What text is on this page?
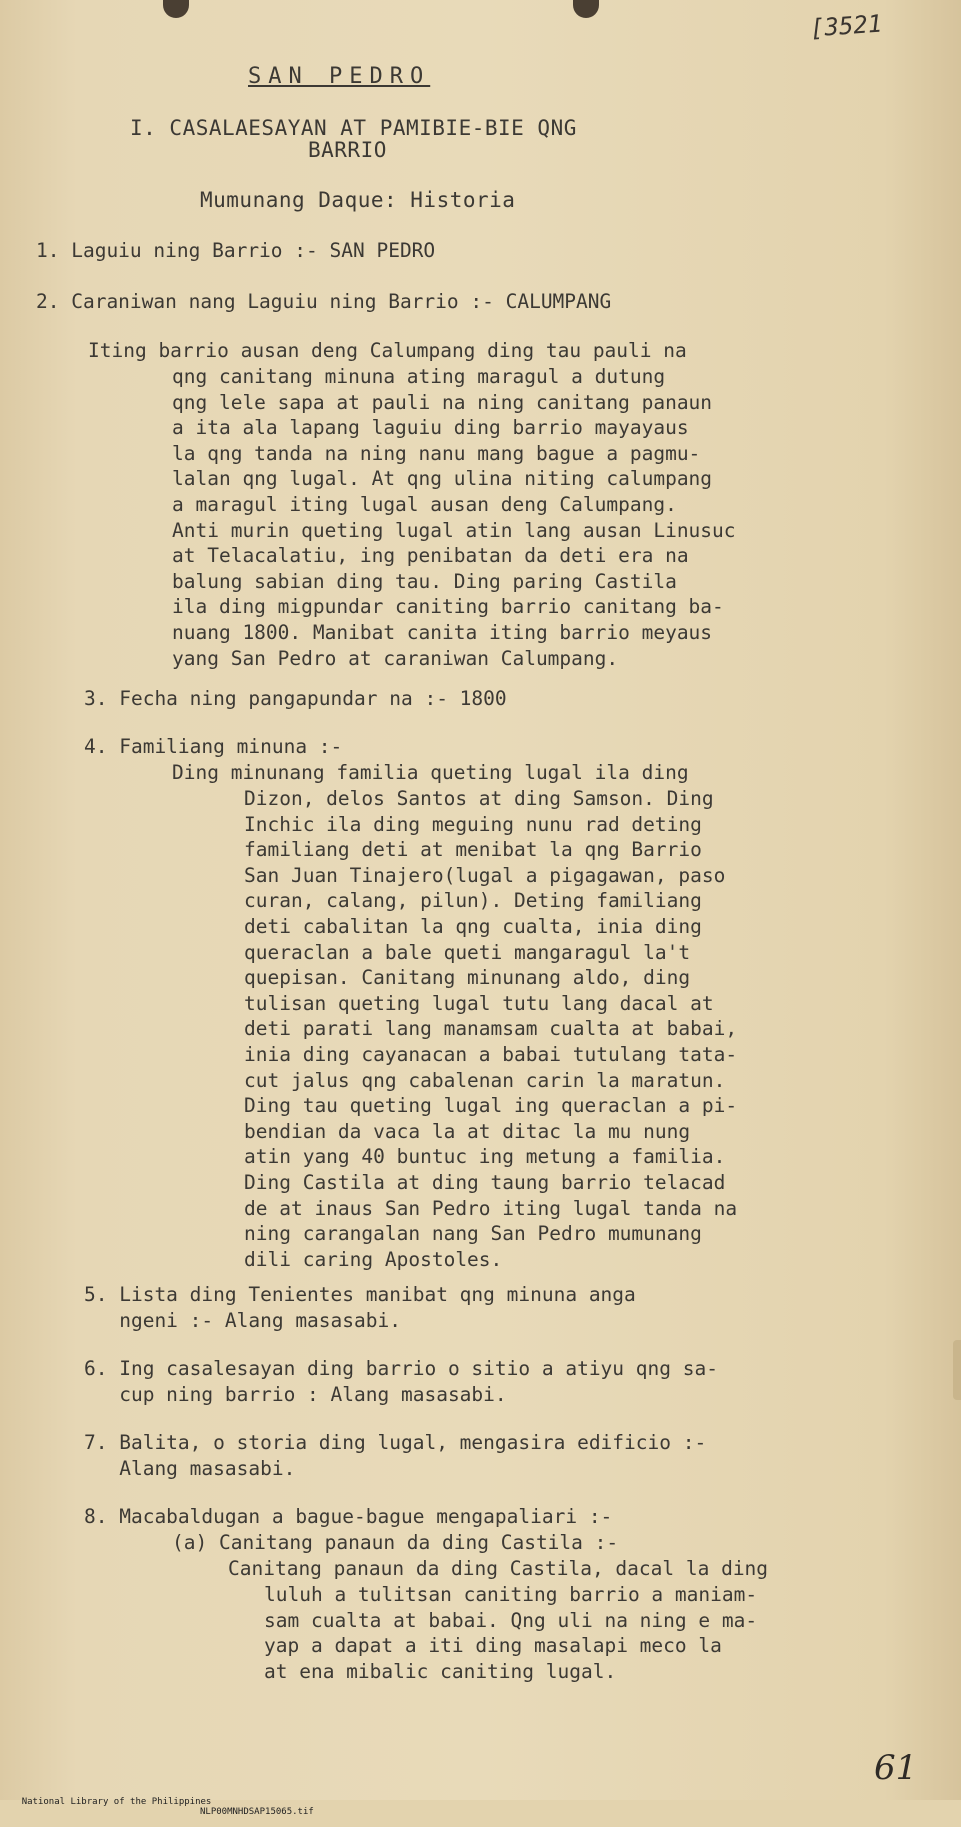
[3521
SAN PEDRO
I. CASALAESAYAN AT PAMIBIE-BIE QNG
BARRIO
Mumunang Daque: Historia
1. Laguiu ning Barrio :- SAN PEDRO
2. Caraniwan nang Laguiu ning Barrio :- CALUMPANG
Iting barrio ausan deng Calumpang ding tau pauli na
qng canitang minuna ating maragul a dutung
qng lele sapa at pauli na ning canitang panaun
a ita ala lapang laguiu ding barrio mayayaus
la qng tanda na ning nanu mang bague a pagmu-
lalan qng lugal. At qng ulina niting calumpang
a maragul iting lugal ausan deng Calumpang.
Anti murin queting lugal atin lang ausan Linusuc
at Telacalatiu, ing penibatan da deti era na
balung sabian ding tau. Ding paring Castila
ila ding migpundar caniting barrio canitang ba-
nuang 1800. Manibat canita iting barrio meyaus
yang San Pedro at caraniwan Calumpang.
3. Fecha ning pangapundar na :- 1800
4. Familiang minuna :-
Ding minunang familia queting lugal ila ding
Dizon, delos Santos at ding Samson. Ding
Inchic ila ding meguing nunu rad deting
familiang deti at menibat la qng Barrio
San Juan Tinajero(lugal a pigagawan, paso
curan, calang, pilun). Deting familiang
deti cabalitan la qng cualta, inia ding
queraclan a bale queti mangaragul la't
quepisan. Canitang minunang aldo, ding
tulisan queting lugal tutu lang dacal at
deti parati lang manamsam cualta at babai,
inia ding cayanacan a babai tutulang tata-
cut jalus qng cabalenan carin la maratun.
Ding tau queting lugal ing queraclan a pi-
bendian da vaca la at ditac la mu nung
atin yang 40 buntuc ing metung a familia.
Ding Castila at ding taung barrio telacad
de at inaus San Pedro iting lugal tanda na
ning carangalan nang San Pedro mumunang
dili caring Apostoles.
5. Lista ding Tenientes manibat qng minuna anga
ngeni :- Alang masasabi.
6. Ing casalesayan ding barrio o sitio a atiyu qng sa-
cup ning barrio : Alang masasabi.
7. Balita, o storia ding lugal, mengasira edificio :-
Alang masasabi.
8. Macabaldugan a bague-bague mengapaliari :-
(a) Canitang panaun da ding Castila :-
Canitang panaun da ding Castila, dacal la ding
luluh a tulitsan caniting barrio a maniam-
sam cualta at babai. Qng uli na ning e ma-
yap a dapat a iti ding masalapi meco la
at ena mibalic caniting lugal.
61

National Library of the Philippines

NLP00MNHDSAP15065.tif
